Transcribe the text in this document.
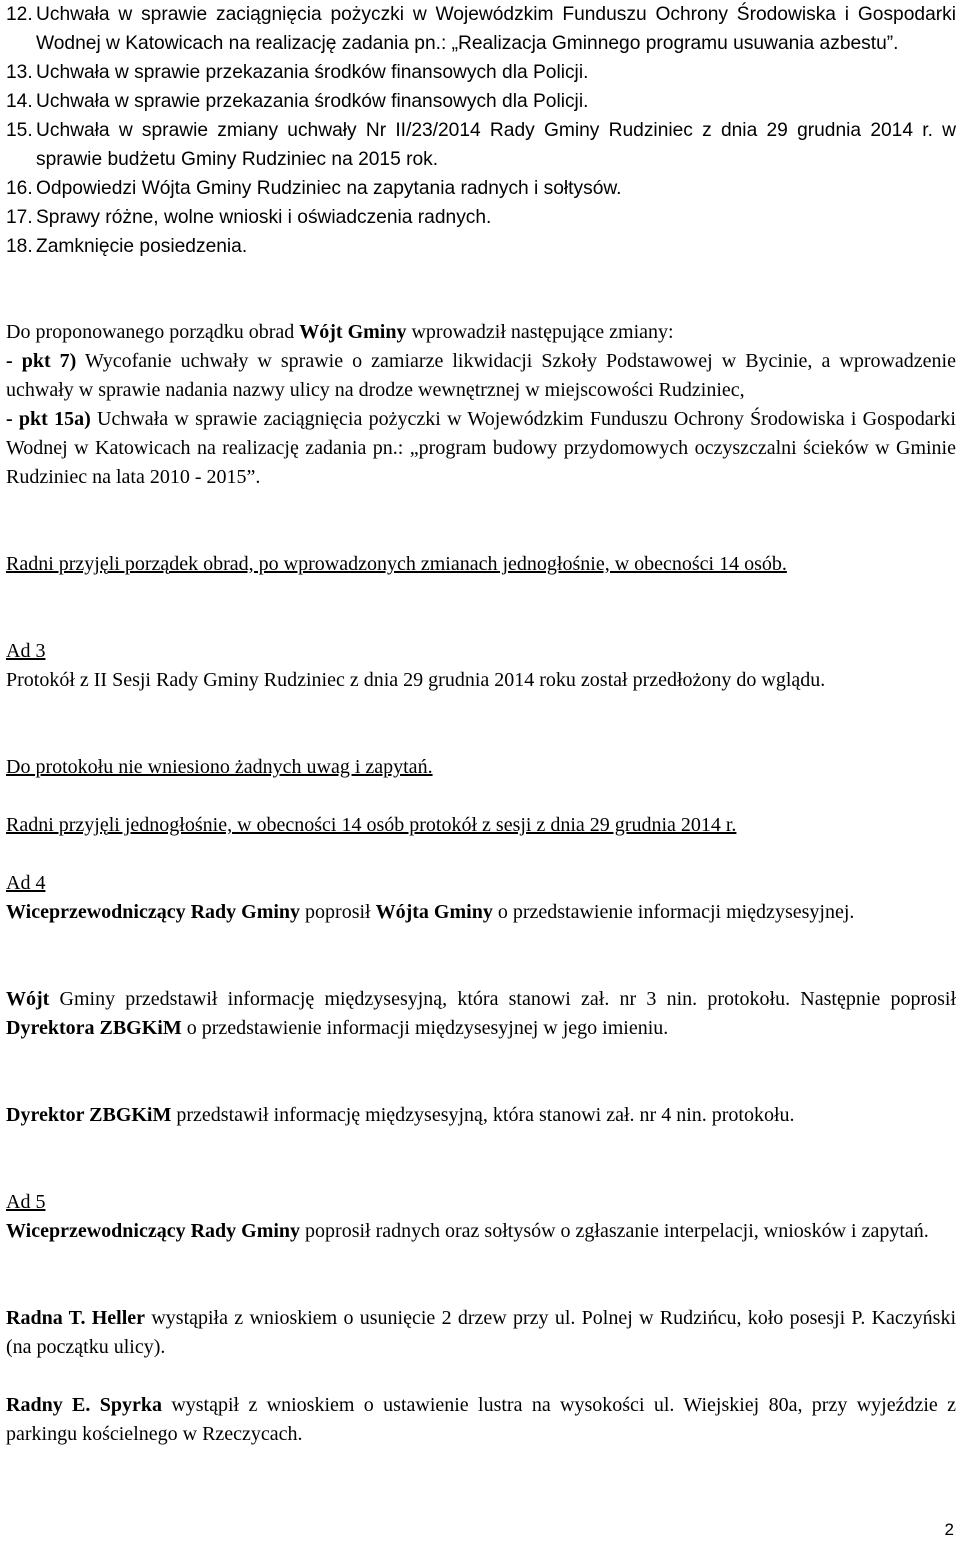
12. Uchwała w sprawie zaciągnięcia pożyczki w Wojewódzkim Funduszu Ochrony Środowiska i Gospodarki Wodnej w Katowicach na realizację zadania pn.: „Realizacja Gminnego programu usuwania azbestu”.
13. Uchwała w sprawie przekazania środków finansowych dla Policji.
14. Uchwała w sprawie przekazania środków finansowych dla Policji.
15. Uchwała w sprawie zmiany uchwały Nr II/23/2014 Rady Gminy Rudziniec z dnia 29 grudnia 2014 r. w sprawie budżetu Gminy Rudziniec na 2015 rok.
16. Odpowiedzi Wójta Gminy Rudziniec na zapytania radnych i sołtysów.
17. Sprawy różne, wolne wnioski i oświadczenia radnych.
18. Zamknięcie posiedzenia.
Do proponowanego porządku obrad Wójt Gminy wprowadził następujące zmiany:
- pkt 7) Wycofanie uchwały w sprawie o zamiarze likwidacji Szkoły Podstawowej w Bycinie, a wprowadzenie uchwały w sprawie nadania nazwy ulicy na drodze wewnętrznej w miejscowości Rudziniec,
- pkt 15a) Uchwała w sprawie zaciągnięcia pożyczki w Wojewódzkim Funduszu Ochrony Środowiska i Gospodarki Wodnej w Katowicach na realizację zadania pn.: „program budowy przydomowych oczyszczalni ścieków w Gminie Rudziniec na lata 2010 - 2015”.
Radni przyjęli porządek obrad, po wprowadzonych zmianach jednogłośnie, w obecności 14 osób.
Ad 3
Protokół z II Sesji Rady Gminy Rudziniec z dnia 29 grudnia 2014 roku został przedłożony do wglądu.
Do protokołu nie wniesiono żadnych uwag i zapytań.
Radni przyjęli jednogłośnie, w obecności 14 osób protokół z sesji z dnia 29 grudnia 2014 r.
Ad 4
Wiceprzewodniczący Rady Gminy poprosił Wójta Gminy o przedstawienie informacji międzysesyjnej.
Wójt Gminy przedstawił informację międzysesyjną, która stanowi zał. nr 3 nin. protokołu. Następnie poprosił Dyrektora ZBGKiM o przedstawienie informacji międzysesyjnej w jego imieniu.
Dyrektor ZBGKiM przedstawił informację międzysesyjną, która stanowi zał. nr 4 nin. protokołu.
Ad 5
Wiceprzewodniczący Rady Gminy poprosił radnych oraz sołtysów o zgłaszanie interpelacji, wniosków i zapytań.
Radna T. Heller wystąpiła z wnioskiem o usunięcie 2 drzew przy ul. Polnej w Rudzińcu, koło posesji P. Kaczyński (na początku ulicy).
Radny E. Spyrka wystąpił z wnioskiem o ustawienie lustra na wysokości ul. Wiejskiej 80a, przy wyjeździe z parkingu kościelnego w Rzeczycach.
2
